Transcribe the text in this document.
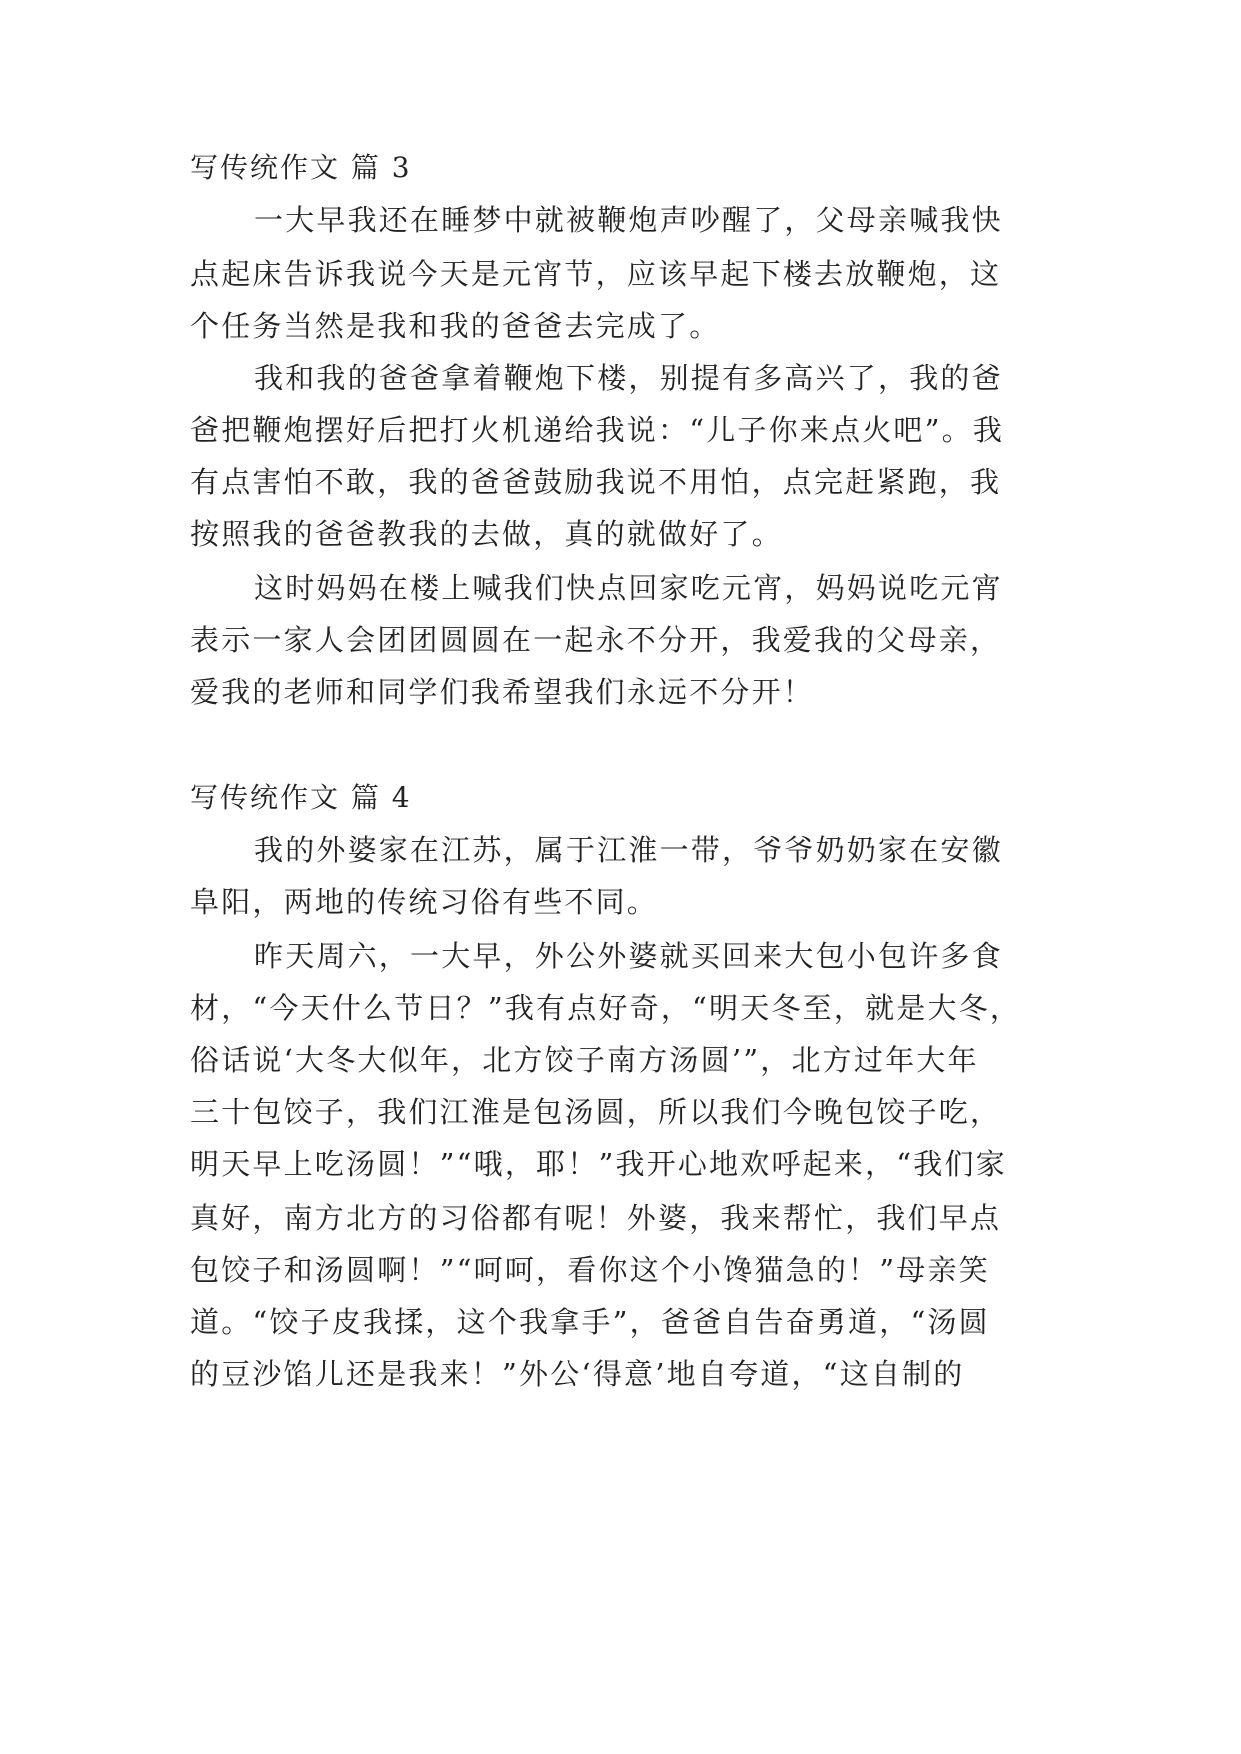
写传统作文 篇 3
一大早我还在睡梦中就被鞭炮声吵醒了，父母亲喊我快
点起床告诉我说今天是元宵节，应该早起下楼去放鞭炮，这
个任务当然是我和我的爸爸去完成了。
我和我的爸爸拿着鞭炮下楼，别提有多高兴了，我的爸
爸把鞭炮摆好后把打火机递给我说：“儿子你来点火吧”。我
有点害怕不敢，我的爸爸鼓励我说不用怕，点完赶紧跑，我
按照我的爸爸教我的去做，真的就做好了。
这时妈妈在楼上喊我们快点回家吃元宵，妈妈说吃元宵
表示一家人会团团圆圆在一起永不分开，我爱我的父母亲，
爱我的老师和同学们我希望我们永远不分开！
写传统作文 篇 4
我的外婆家在江苏，属于江淮一带，爷爷奶奶家在安徽
阜阳，两地的传统习俗有些不同。
昨天周六，一大早，外公外婆就买回来大包小包许多食
材，“今天什么节日？”我有点好奇，“明天冬至，就是大冬，
俗话说‘大冬大似年，北方饺子南方汤圆’”，北方过年大年
三十包饺子，我们江淮是包汤圆，所以我们今晚包饺子吃，
明天早上吃汤圆！”“哦，耶！”我开心地欢呼起来，“我们家
真好，南方北方的习俗都有呢！外婆，我来帮忙，我们早点
包饺子和汤圆啊！”“呵呵，看你这个小馋猫急的！”母亲笑
道。“饺子皮我揉，这个我拿手”，爸爸自告奋勇道，“汤圆
的豆沙馅儿还是我来！”外公‘得意’地自夸道，“这自制的
